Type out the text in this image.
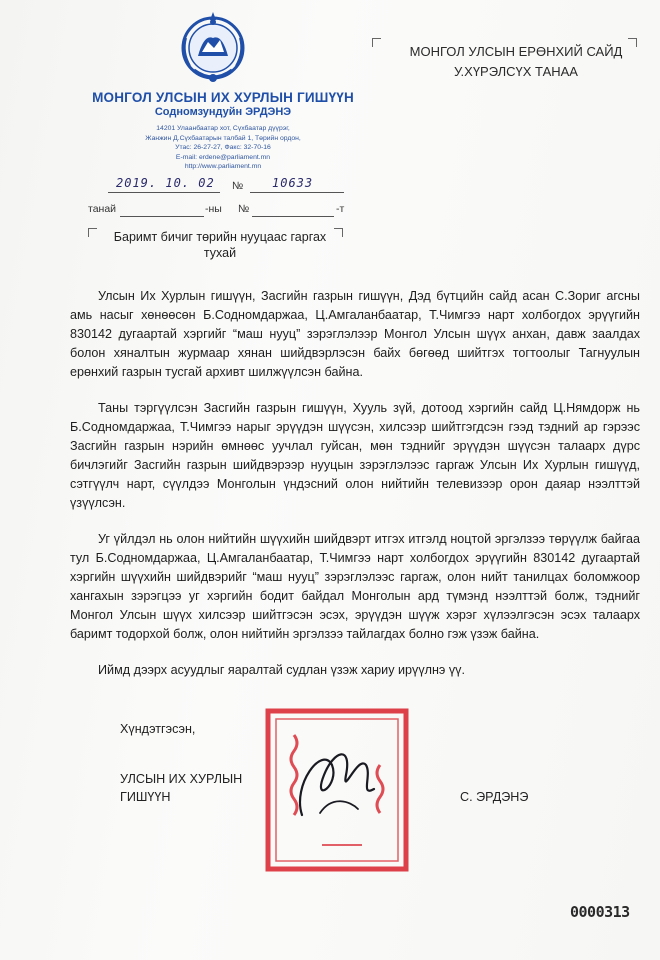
МОНГОЛ УЛСЫН ИХ ХУРЛЫН ГИШҮҮН
Содномзундуйн ЭРДЭНЭ
14201 Улаанбаатар хот, Сүхбаатар дүүрэг,
Жанжин Д.Сүхбаатарын талбай 1, Төрийн ордон,
Утас: 26-27-27, Факс: 32-70-16
E-mail: erdene@parliament.mn
http://www.parliament.mn
2019. 10. 02 № 10633
танай	-ны №	-т
МОНГОЛ УЛСЫН ЕРӨНХИЙ САЙД
У.ХҮРЭЛСҮХ ТАНАА
Баримт бичиг төрийн нууцаас гаргах тухай

Улсын Их Хурлын гишүүн, Засгийн газрын гишүүн, Дэд бүтцийн сайд асан С.Зориг агсны амь насыг хөнөөсөн Б.Содномдаржаа, Ц.Амгаланбаатар, Т.Чимгээ нарт холбогдох эрүүгийн 830142 дугаартай хэргийг “маш нууц” зэрэглэлээр Монгол Улсын шүүх анхан, давж заалдах болон хяналтын журмаар хянан шийдвэрлэсэн байх бөгөөд шийтгэх тогтоолыг Тагнуулын ерөнхий газрын тусгай архивт шилжүүлсэн байна.

Таны тэргүүлсэн Засгийн газрын гишүүн, Хууль зүй, дотоод хэргийн сайд Ц.Нямдорж нь Б.Содномдаржаа, Т.Чимгээ нарыг эрүүдэн шүүсэн, хилсээр шийтгэгдсэн гээд тэдний ар гэрээс Засгийн газрын нэрийн өмнөөс уучлал гуйсан, мөн тэднийг эрүүдэн шүүсэн талаарх дүрс бичлэгийг Засгийн газрын шийдвэрээр нууцын зэрэглэлээс гаргаж Улсын Их Хурлын гишүүд, сэтгүүлч нарт, сүүлдээ Монголын үндэсний олон нийтийн телевизээр орон даяар нээлттэй үзүүлсэн.

Уг үйлдэл нь олон нийтийн шүүхийн шийдвэрт итгэх итгэлд ноцтой эргэлзээ төрүүлж байгаа тул Б.Содномдаржаа, Ц.Амгаланбаатар, Т.Чимгээ нарт холбогдох эрүүгийн 830142 дугаартай хэргийн шүүхийн шийдвэрийг “маш нууц” зэрэглэлээс гаргаж, олон нийт танилцах боломжоор хангахын зэрэгцээ уг хэргийн бодит байдал Монголын ард түмэнд нээлттэй болж, тэднийг Монгол Улсын шүүх хилсээр шийтгэсэн эсэх, эрүүдэн шүүж хэрэг хүлээлгэсэн эсэх талаарх баримт тодорхой болж, олон нийтийн эргэлзээ тайлагдах болно гэж үзэж байна.

Иймд дээрх асуудлыг яаралтай судлан үзэж хариу ирүүлнэ үү.

Хүндэтгэсэн,
УЛСЫН ИХ ХУРЛЫН
ГИШҮҮН	С. ЭРДЭНЭ
0000313
